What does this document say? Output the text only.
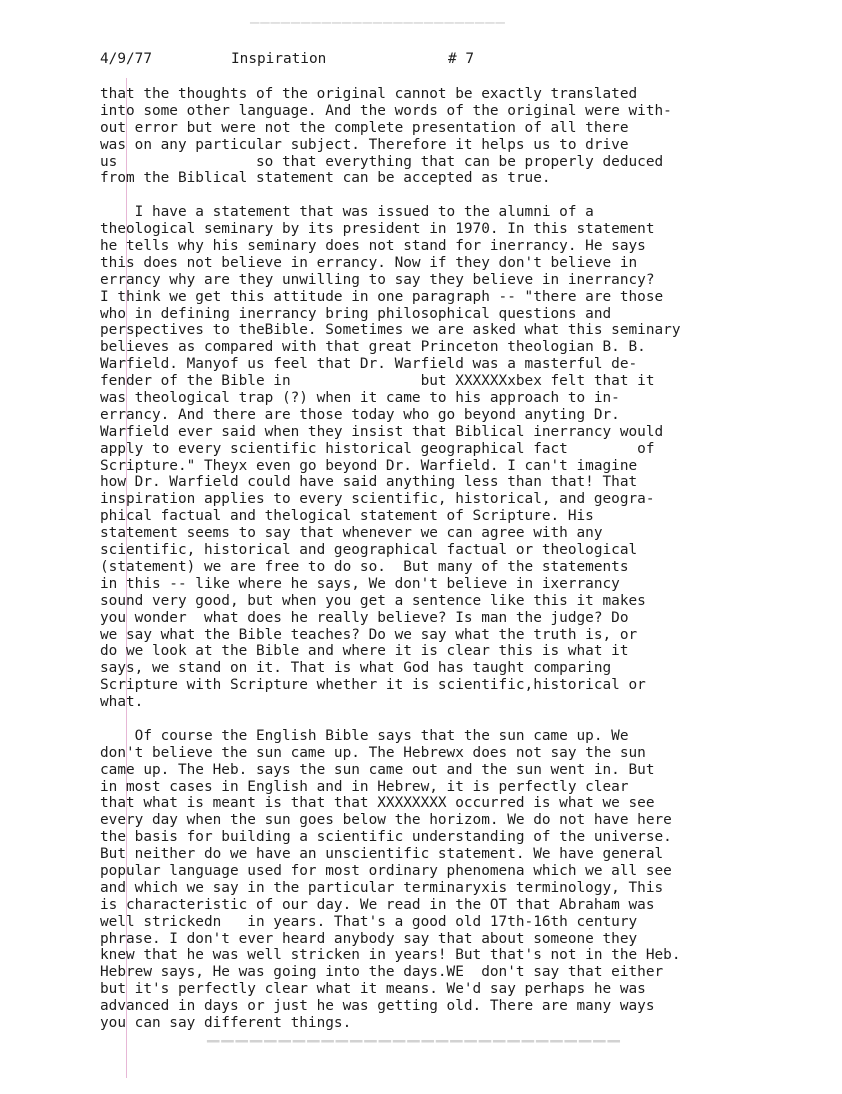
▁▁▁▁▁▁▁▁▁▁▁▁▁▁▁▁▁▁▁▁▁▁▁▁▁
▁▁▁▁▁▁▁▁▁▁▁▁▁▁▁▁▁▁▁▁▁▁▁▁▁▁▁▁▁

4/9/77

	Inspiration

	# 7

that the thoughts of the original cannot be exactly translated
into some other language. And the words of the original were with-
out error but were not the complete presentation of all there
was on any particular subject. Therefore it helps us to drive
us                so that everything that can be properly deduced
from the Biblical statement can be accepted as true.
I have a statement that was issued to the alumni of a
theological seminary by its president in 1970. In this statement
he tells why his seminary does not stand for inerrancy. He says
this does not believe in errancy. Now if they don't believe in
errancy why are they unwilling to say they believe in inerrancy?
I think we get this attitude in one paragraph -- "there are those
who in defining inerrancy bring philosophical questions and
perspectives to theBible. Sometimes we are asked what this seminary
believes as compared with that great Princeton theologian B. B.
Warfield. Manyof us feel that Dr. Warfield was a masterful de-
fender of the Bible in               but XXXXXXxbex felt that it
was theological trap (?) when it came to his approach to in-
errancy. And there are those today who go beyond anyting Dr.
Warfield ever said when they insist that Biblical inerrancy would
apply to every scientific historical geographical fact        of
Scripture." Theyx even go beyond Dr. Warfield. I can't imagine
how Dr. Warfield could have said anything less than that! That
inspiration applies to every scientific, historical, and geogra-
phical factual and thelogical statement of Scripture. His
statement seems to say that whenever we can agree with any
scientific, historical and geographical factual or theological
(statement) we are free to do so.  But many of the statements
in this -- like where he says, We don't believe in ixerrancy
sound very good, but when you get a sentence like this it makes
you wonder  what does he really believe? Is man the judge? Do
we say what the Bible teaches? Do we say what the truth is, or
do we look at the Bible and where it is clear this is what it
says, we stand on it. That is what God has taught comparing
Scripture with Scripture whether it is scientific,historical or
what.
Of course the English Bible says that the sun came up. We
don't believe the sun came up. The Hebrewx does not say the sun
came up. The Heb. says the sun came out and the sun went in. But
in most cases in English and in Hebrew, it is perfectly clear
that what is meant is that that XXXXXXXX occurred is what we see
every day when the sun goes below the horizom. We do not have here
the basis for building a scientific understanding of the universe.
But neither do we have an unscientific statement. We have general
popular language used for most ordinary phenomena which we all see
and which we say in the particular terminaryxis terminology, This
is characteristic of our day. We read in the OT that Abraham was
well strickedn   in years. That's a good old 17th-16th century
phrase. I don't ever heard anybody say that about someone they
knew that he was well stricken in years! But that's not in the Heb.
Hebrew says, He was going into the days.WE  don't say that either
but it's perfectly clear what it means. We'd say perhaps he was
advanced in days or just he was getting old. There are many ways
you can say different things.
